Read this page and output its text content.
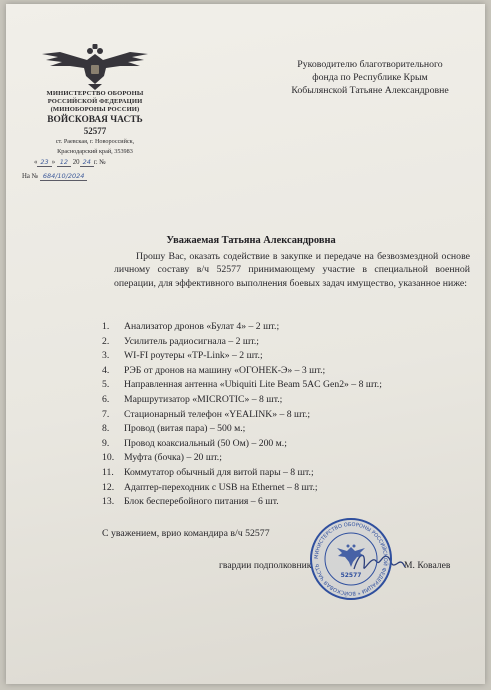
МИНИСТЕРСТВО ОБОРОНЫ
РОССИЙСКОЙ ФЕДЕРАЦИИ
(МИНОБОРОНЫ РОССИИ)
ВОЙСКОВАЯ ЧАСТЬ
52577
ст. Раевская, г. Новороссийск,
Краснодарский край, 353983
« 23 » 12 20 24 г. №
На № 684/10/2024
Руководителю благотворительного
фонда по Республике Крым
Кобылянской Татьяне Александровне
Уважаемая Татьяна Александровна
Прошу Вас, оказать содействие в закупке и передаче на безвозмездной основе личному составу в/ч 52577 принимающему участие в специальной военной операции, для эффективного выполнения боевых задач имущество, указанное ниже:
1. Анализатор дронов «Булат 4» – 2 шт.;
2. Усилитель радиосигнала – 2 шт.;
3. WI-FI роутеры «TP-Link» – 2 шт.;
4. РЭБ от дронов на машину «ОГОНЕК-Э» – 3 шт.;
5. Направленная антенна «Ubiquiti Lite Beam 5AC Gen2» – 8 шт.;
6. Маршрутизатор «MICROTIC» – 8 шт.;
7. Стационарный телефон «YEALINK» – 8 шт.;
8. Провод (витая пара) – 500 м.;
9. Провод коаксиальный (50 Ом) – 200 м.;
10. Муфта (бочка) – 20 шт.;
11. Коммутатор обычный для витой пары – 8 шт.;
12. Адаптер-переходник с USB на Ethernet – 8 шт.;
13. Блок бесперебойного питания – 6 шт.
С уважением, врио командира в/ч 52577
гвардии подполковник	М. Ковалев
МИНИСТЕРСТВО ОБОРОНЫ РОССИЙСКОЙ ФЕДЕРАЦИИ * ВОЙСКОВАЯ ЧАСТЬ
52577
